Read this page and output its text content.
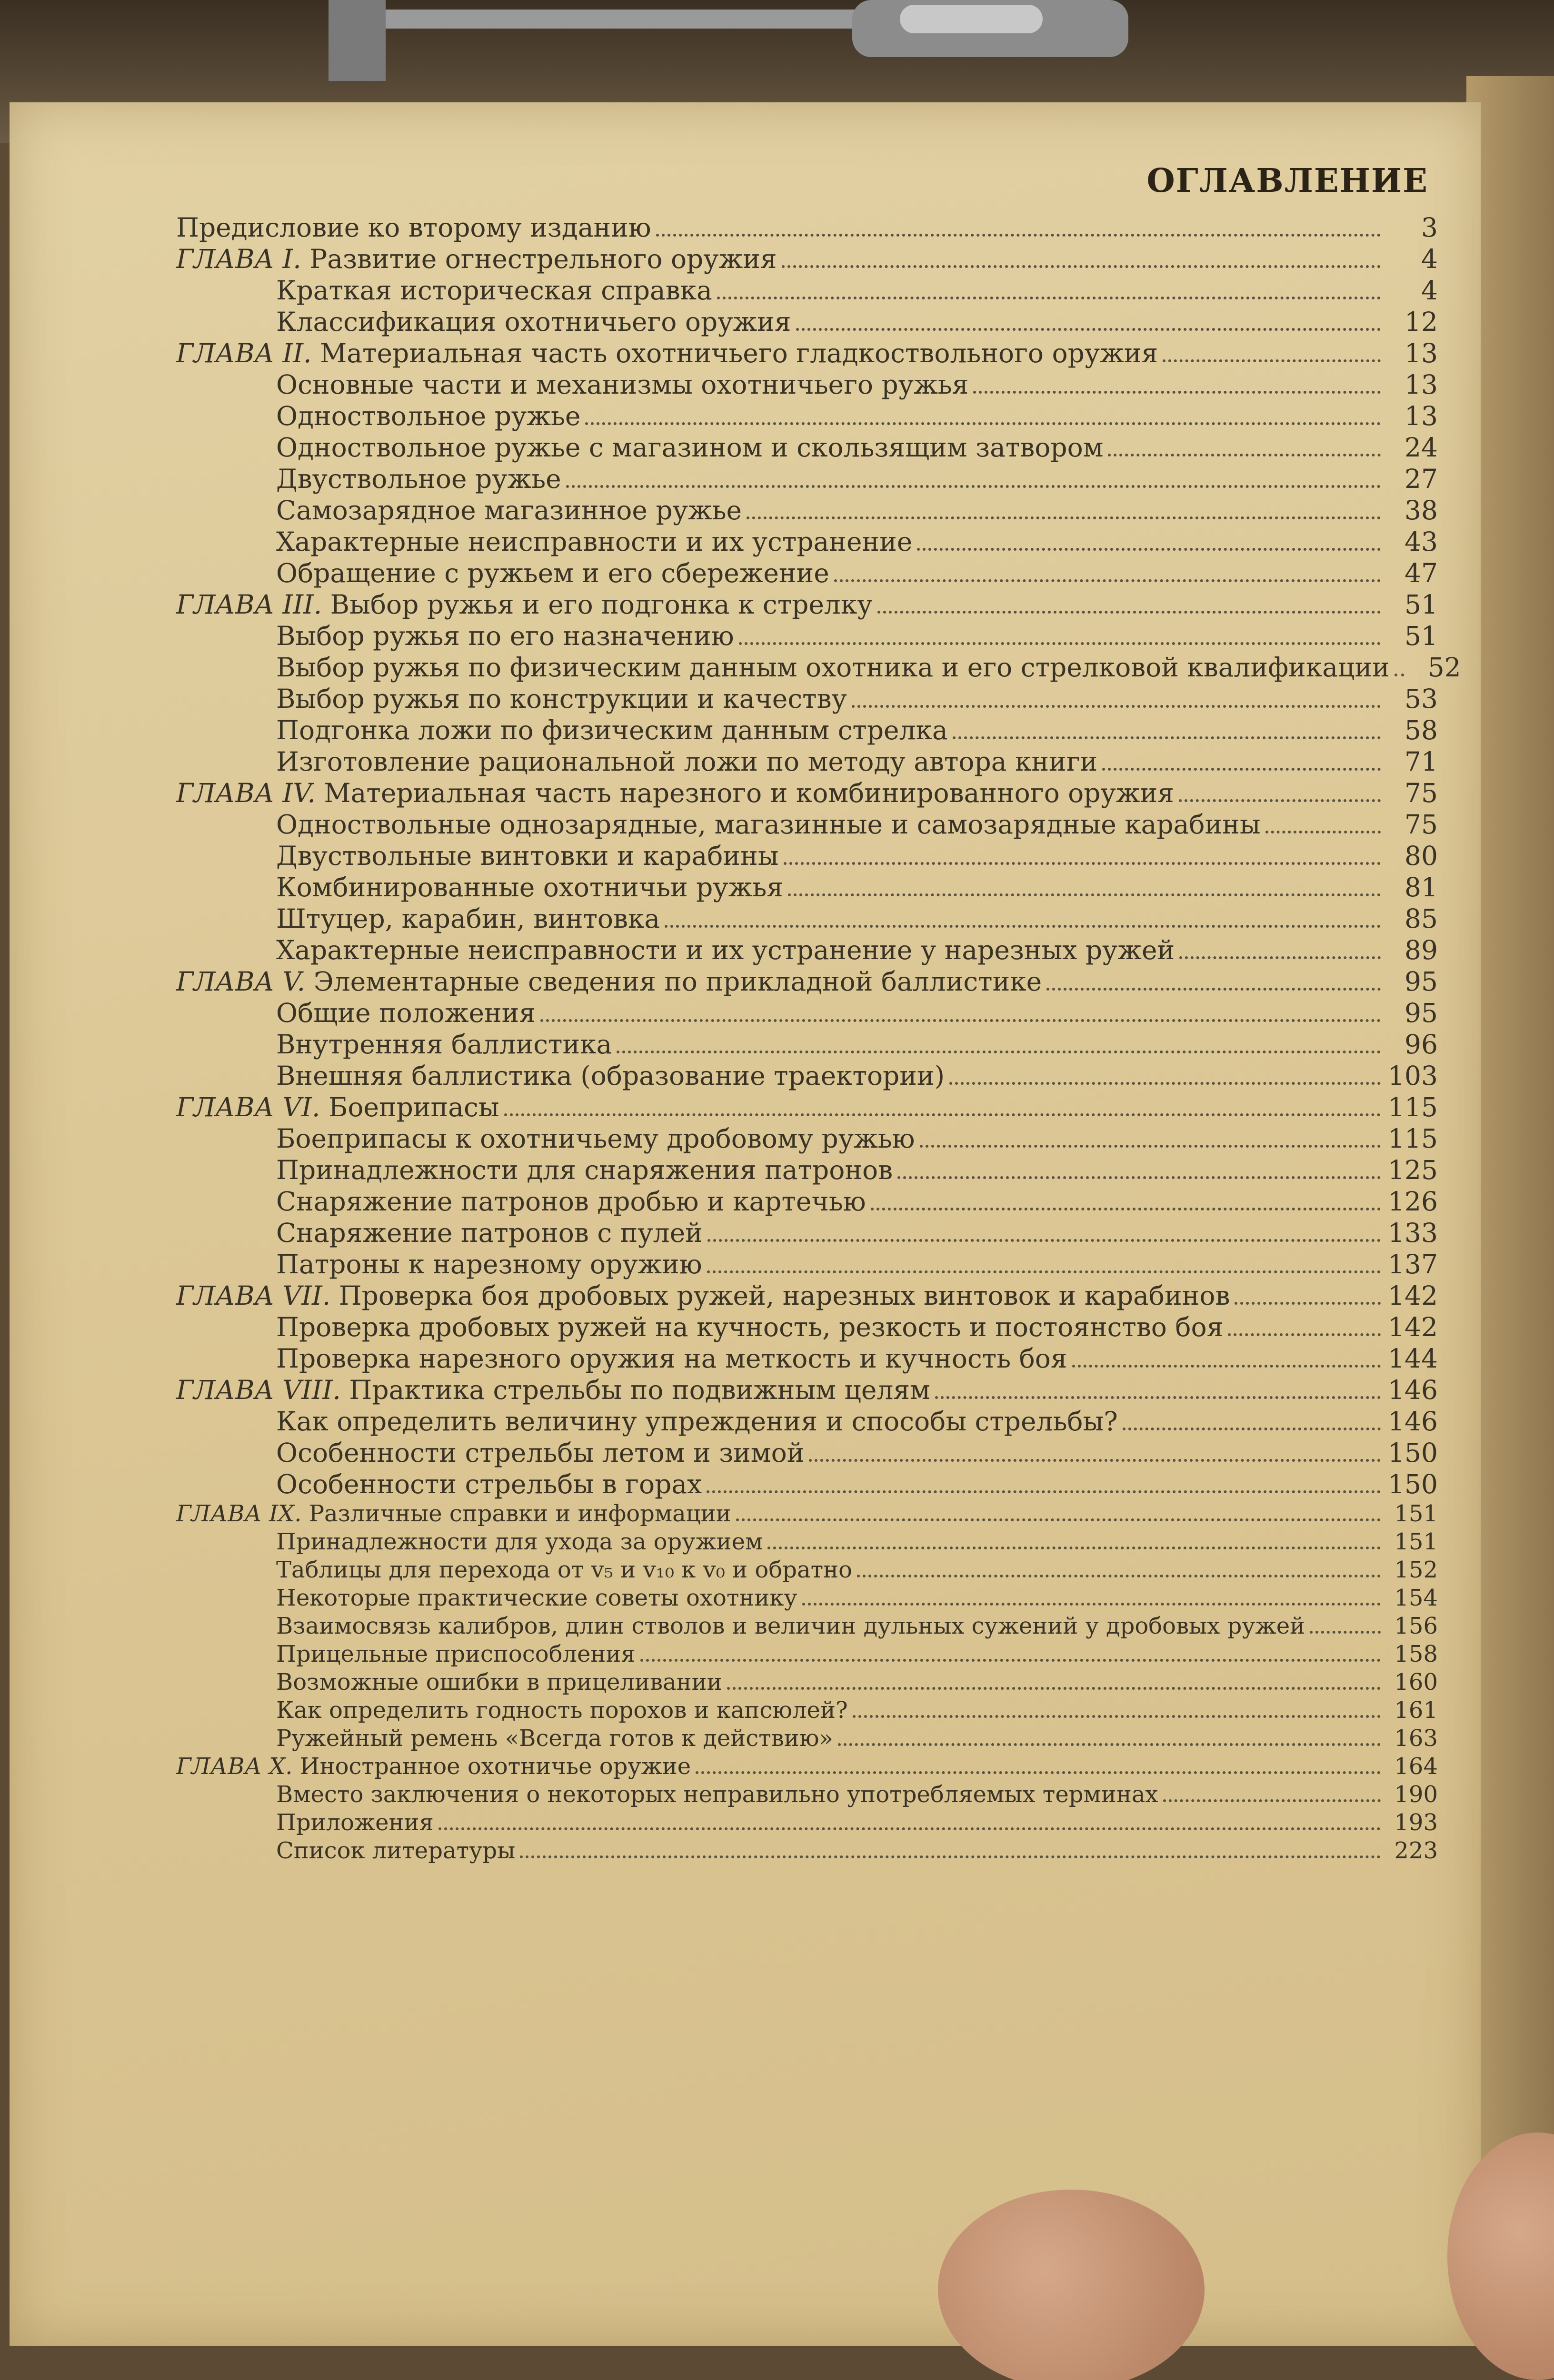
ОГЛАВЛЕНИЕ
Предисловие ко второму изданию	3
ГЛАВА I. Развитие огнестрельного оружия	4
Краткая историческая справка	4
Классификация охотничьего оружия	12
ГЛАВА II. Материальная часть охотничьего гладкоствольного оружия	13
Основные части и механизмы охотничьего ружья	13
Одноствольное ружье	13
Одноствольное ружье с магазином и скользящим затвором	24
Двуствольное ружье	27
Самозарядное магазинное ружье	38
Характерные неисправности и их устранение	43
Обращение с ружьем и его сбережение	47
ГЛАВА III. Выбор ружья и его подгонка к стрелку	51
Выбор ружья по его назначению	51
Выбор ружья по физическим данным охотника и его стрелковой квалификации	52
Выбор ружья по конструкции и качеству	53
Подгонка ложи по физическим данным стрелка	58
Изготовление рациональной ложи по методу автора книги	71
ГЛАВА IV. Материальная часть нарезного и комбинированного оружия	75
Одноствольные однозарядные, магазинные и самозарядные карабины	75
Двуствольные винтовки и карабины	80
Комбинированные охотничьи ружья	81
Штуцер, карабин, винтовка	85
Характерные неисправности и их устранение у нарезных ружей	89
ГЛАВА V. Элементарные сведения по прикладной баллистике	95
Общие положения	95
Внутренняя баллистика	96
Внешняя баллистика (образование траектории)	103
ГЛАВА VI. Боеприпасы	115
Боеприпасы к охотничьему дробовому ружью	115
Принадлежности для снаряжения патронов	125
Снаряжение патронов дробью и картечью	126
Снаряжение патронов с пулей	133
Патроны к нарезному оружию	137
ГЛАВА VII. Проверка боя дробовых ружей, нарезных винтовок и карабинов	142
Проверка дробовых ружей на кучность, резкость и постоянство боя	142
Проверка нарезного оружия на меткость и кучность боя	144
ГЛАВА VIII. Практика стрельбы по подвижным целям	146
Как определить величину упреждения и способы стрельбы?	146
Особенности стрельбы летом и зимой	150
Особенности стрельбы в горах	150
ГЛАВА IX. Различные справки и информации	151
Принадлежности для ухода за оружием	151
Таблицы для перехода от v₅ и v₁₀ к v₀ и обратно	152
Некоторые практические советы охотнику	154
Взаимосвязь калибров, длин стволов и величин дульных сужений у дробовых ружей	156
Прицельные приспособления	158
Возможные ошибки в прицеливании	160
Как определить годность порохов и капсюлей?	161
Ружейный ремень «Всегда готов к действию»	163
ГЛАВА X. Иностранное охотничье оружие	164
Вместо заключения о некоторых неправильно употребляемых терминах	190
Приложения	193
Список литературы	223
